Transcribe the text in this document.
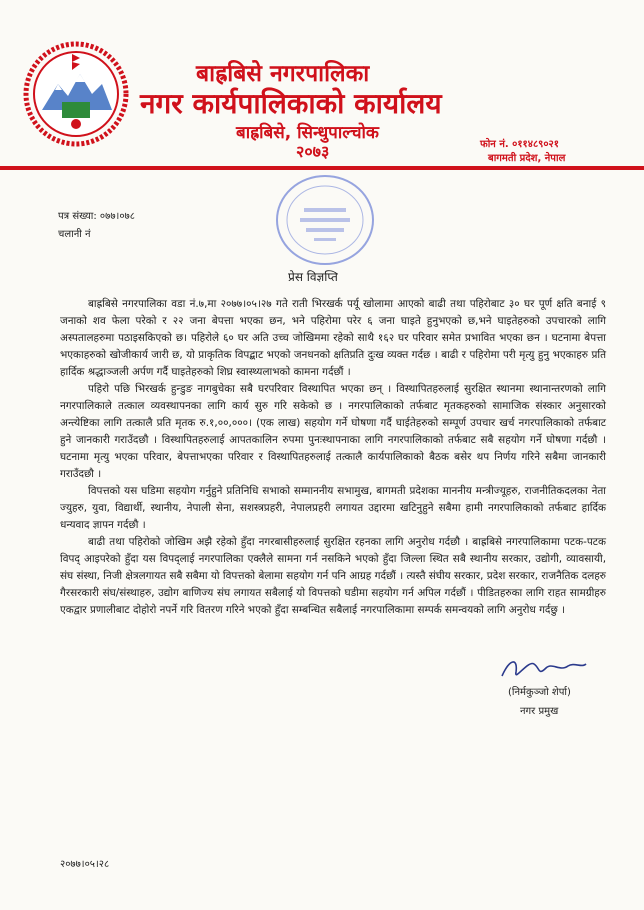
बाह्रबिसे नगरपालिका
नगर कार्यपालिकाको कार्यालय
बाह्रबिसे, सिन्धुपाल्चोक
२०७३	फोन नं. ०११४८९०२१
बागमती प्रदेश, नेपाल
पत्र संख्या: ०७७।०७८
चलानी नं
प्रेस विज्ञप्ति

बाह्रबिसे नगरपालिका वडा नं.७,मा २०७७।०५।२७ गते राती भिरखर्क पर्यू खोलामा आएको बाढी तथा पहिरोबाट ३० घर पूर्ण क्षति बनाई ९ जनाको शव फेला परेको र २२ जना बेपत्ता भएका छन, भने पहिरोमा परेर ६ जना घाइते हुनुभएको छ,भने घाइतेहरुको उपचारको लागि अस्पतालहरुमा पठाइसकिएको छ। पहिरोले ६० घर अति उच्च जोखिममा रहेको साथै १६२ घर परिवार समेत प्रभावित भएका छन । घटनामा बेपत्ता भएकाहरुको खोजीकार्य जारी छ, यो प्राकृतिक विपद्बाट भएको जनधनको क्षतिप्रति दुःख व्यक्त गर्दछ । बाढी र पहिरोमा परी मृत्यु हुनु भएकाहरु प्रति हार्दिक श्रद्धाञ्जली अर्पण गर्दै घाइतेहरुको शिघ्र स्वास्थ्यलाभको कामना गर्दछौं ।

पहिरो पछि भिरखर्क हुन्डुङ नागबुचेका सबै घरपरिवार विस्थापित भएका छन् । विस्थापितहरुलाई सुरक्षित स्थानमा स्थानान्तरणको लागि नगरपालिकाले तत्काल व्यवस्थापनका लागि कार्य सुरु गरि सकेको छ । नगरपालिकाको तर्फबाट मृतकहरुको सामाजिक संस्कार अनुसारको अन्त्येष्टिका लागि तत्कालै प्रति मृतक रु.१,००,०००। (एक लाख) सहयोग गर्ने घोषणा गर्दै घाईतेहरुको सम्पूर्ण उपचार खर्च नगरपालिकाको तर्फबाट हुने जानकारी गराउँदछौ । विस्थापितहरुलाई आपतकालिन रुपमा पुनःस्थापनाका लागि नगरपालिकाको तर्फबाट सबै सहयोग गर्ने घोषणा गर्दछौ । घटनामा मृत्यु भएका परिवार, बेपत्ताभएका परिवार र विस्थापितहरुलाई तत्कालै कार्यपालिकाको बैठक बसेर थप निर्णय गरिने सबैमा जानकारी गराउँदछौ ।

विपत्तको यस घडिमा सहयोग गर्नुहुने प्रतिनिधि सभाको सम्माननीय सभामुख, बागमती प्रदेशका माननीय मन्त्रीज्यूहरु, राजनीतिकदलका नेता ज्युहरु, युवा, विद्यार्थी, स्थानीय, नेपाली सेना, सशस्त्रप्रहरी, नेपालप्रहरी लगायत उद्दारमा खटिनुहुने सबैमा हामी नगरपालिकाको तर्फबाट हार्दिक धन्यवाद ज्ञापन गर्दछौ ।

बाढी तथा पहिरोको जोखिम अझै रहेको हुँदा नगरबासीहरुलाई सुरक्षित रहनका लागि अनुरोध गर्दछौ । बाह्रबिसे नगरपालिकामा पटक-पटक विपद् आइपरेको हुँदा यस विपद्लाई नगरपालिका एक्लैले सामना गर्न नसकिने भएको हुँदा जिल्ला स्थित सबै स्थानीय सरकार, उद्योगी, व्यावसायी, संघ संस्था, निजी क्षेत्रलगायत सबै सबैमा यो विपत्तको बेलामा सहयोग गर्न पनि आग्रह गर्दछौं । त्यस्तै संघीय सरकार, प्रदेश सरकार, राजनैतिक दलहरु गैरसरकारी संघ/संस्थाहरु, उद्योग बाणिज्य संघ लगायत सबैलाई यो विपत्तको घडीमा सहयोग गर्न अपिल गर्दछौं । पीडितहरुका लागि राहत सामग्रीहरु एकद्वार प्रणालीबाट दोहोरो नपर्ने गरि वितरण गरिने भएको हुँदा सम्बन्धित सबैलाई नगरपालिकामा सम्पर्क समन्वयको लागि अनुरोध गर्दछु ।

(निर्मकुञ्जो शेर्पा)
नगर प्रमुख
२०७७।०५।२८
